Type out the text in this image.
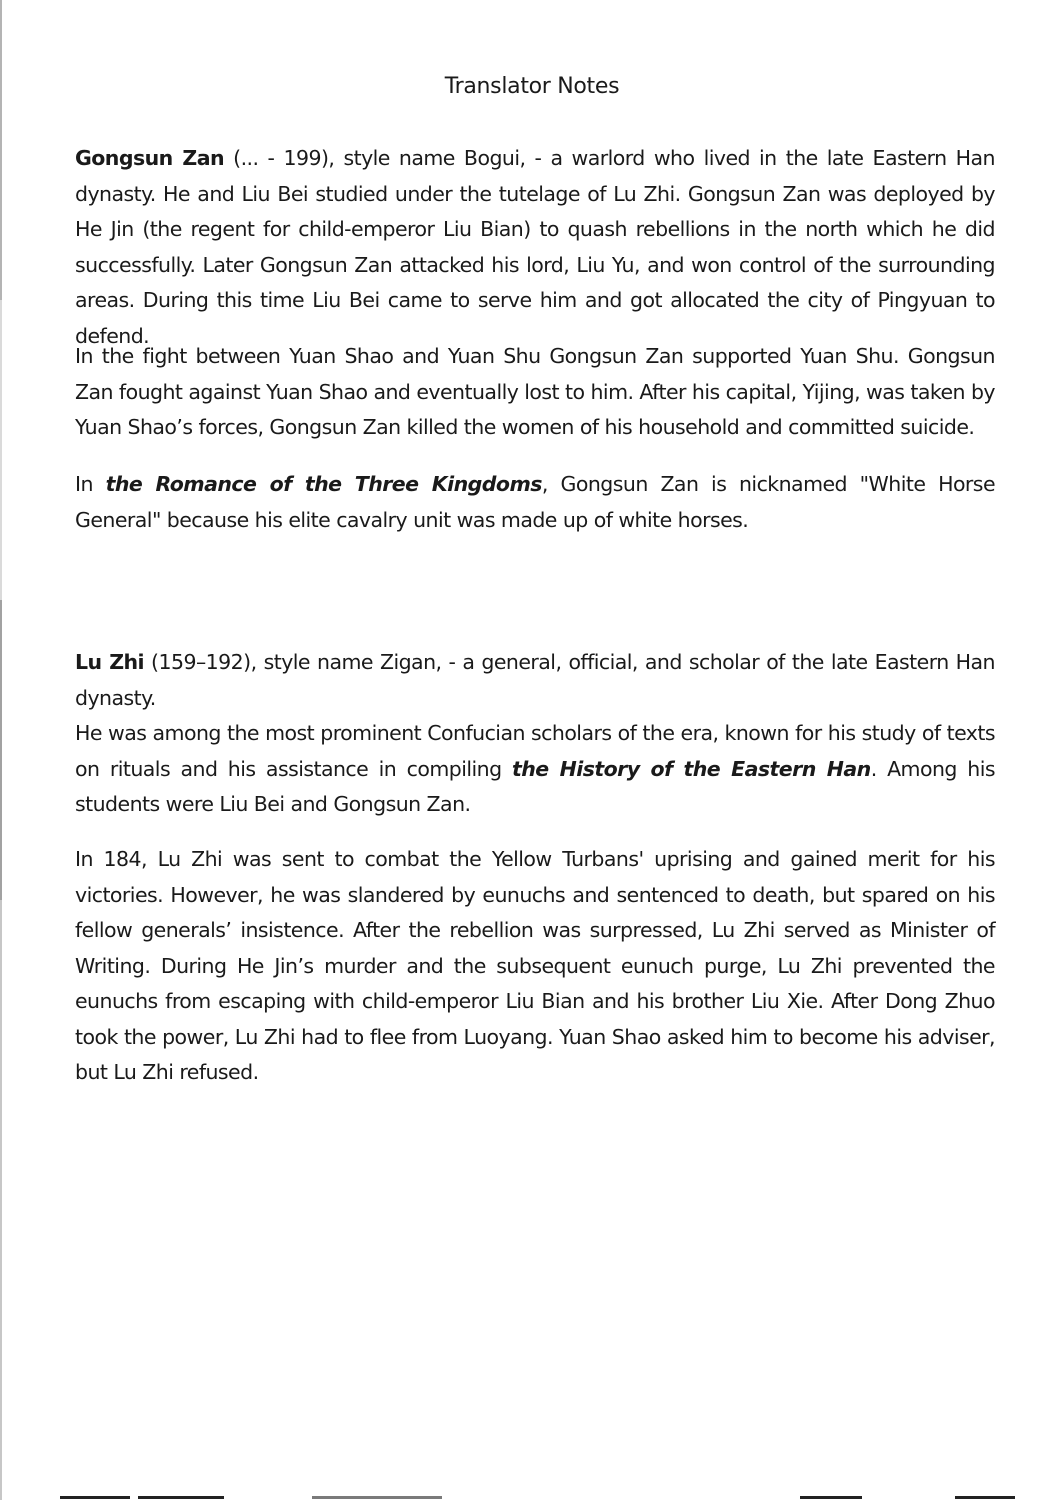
Translator Notes

Gongsun Zan (... - 199), style name Bogui, - a warlord who lived in the late Eastern Han dynasty. He and Liu Bei studied under the tutelage of Lu Zhi. Gongsun Zan was deployed by He Jin (the regent for child-emperor Liu Bian) to quash rebellions in the north which he did successfully. Later Gongsun Zan attacked his lord, Liu Yu, and won control of the surrounding areas. During this time Liu Bei came to serve him and got allocated the city of Pingyuan to defend.

In the fight between Yuan Shao and Yuan Shu Gongsun Zan supported Yuan Shu. Gongsun Zan fought against Yuan Shao and eventually lost to him. After his capital, Yijing, was taken by Yuan Shao’s forces, Gongsun Zan killed the women of his household and committed suicide.

In the Romance of the Three Kingdoms, Gongsun Zan is nicknamed "White Horse General" because his elite cavalry unit was made up of white horses.

Lu Zhi (159–192), style name Zigan, - a general, official, and scholar of the late Eastern Han dynasty.

He was among the most prominent Confucian scholars of the era, known for his study of texts on rituals and his assistance in compiling the History of the Eastern Han. Among his students were Liu Bei and Gongsun Zan.

In 184, Lu Zhi was sent to combat the Yellow Turbans' uprising and gained merit for his victories. However, he was slandered by eunuchs and sentenced to death, but spared on his fellow generals’ insistence. After the rebellion was surpressed, Lu Zhi served as Minister of Writing. During He Jin’s murder and the subsequent eunuch purge, Lu Zhi prevented the eunuchs from escaping with child-emperor Liu Bian and his brother Liu Xie. After Dong Zhuo took the power, Lu Zhi had to flee from Luoyang. Yuan Shao asked him to become his adviser, but Lu Zhi refused.
